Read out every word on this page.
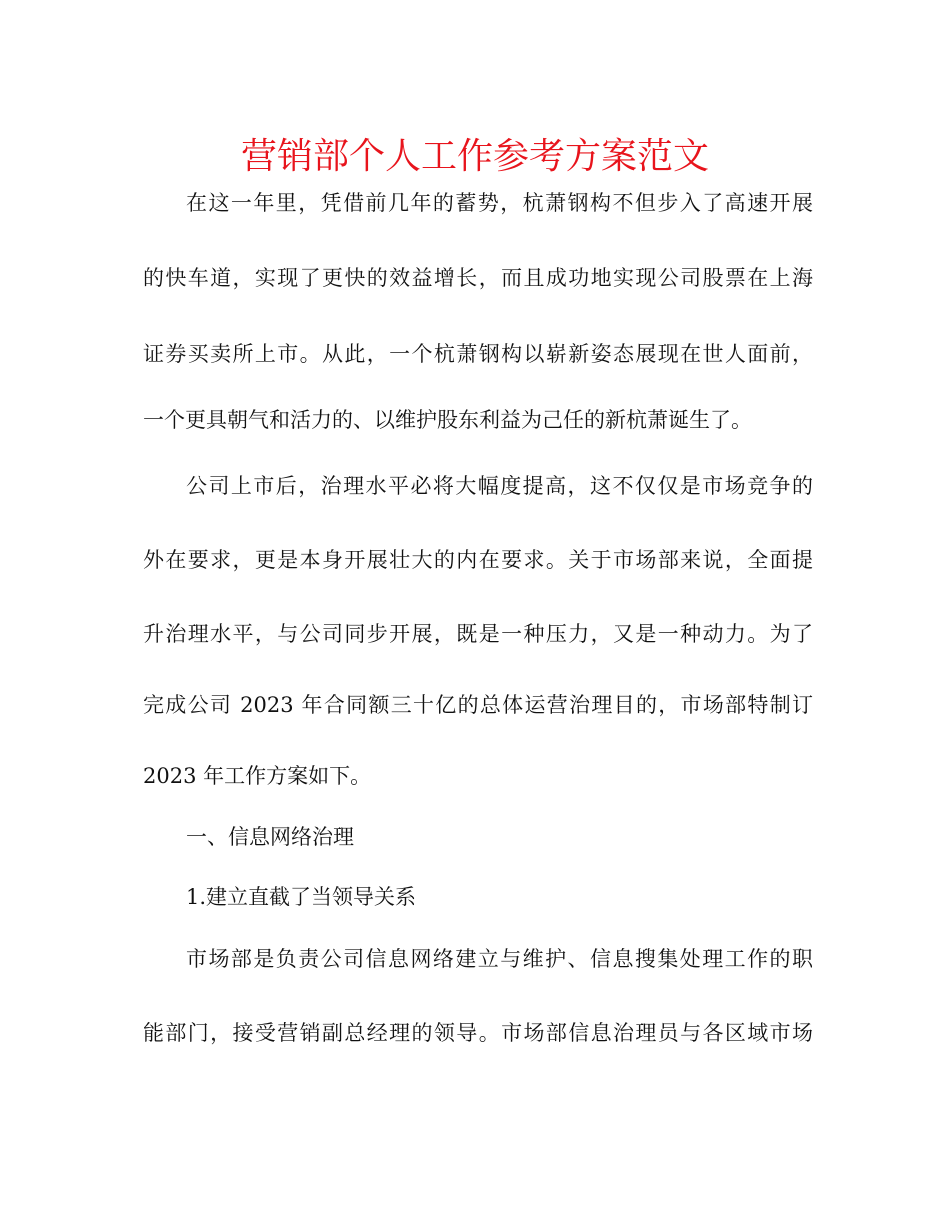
营销部个人工作参考方案范文

在这一年里，凭借前几年的蓄势，杭萧钢构不但步入了高速开展

的快车道，实现了更快的效益增长，而且成功地实现公司股票在上海

证券买卖所上市。从此，一个杭萧钢构以崭新姿态展现在世人面前，

一个更具朝气和活力的、以维护股东利益为己任的新杭萧诞生了。

公司上市后，治理水平必将大幅度提高，这不仅仅是市场竞争的

外在要求，更是本身开展壮大的内在要求。关于市场部来说，全面提

升治理水平，与公司同步开展，既是一种压力，又是一种动力。为了

完成公司 2023 年合同额三十亿的总体运营治理目的，市场部特制订

2023 年工作方案如下。

一、信息网络治理

1.建立直截了当领导关系

市场部是负责公司信息网络建立与维护、信息搜集处理工作的职

能部门，接受营销副总经理的领导。市场部信息治理员与各区域市场
